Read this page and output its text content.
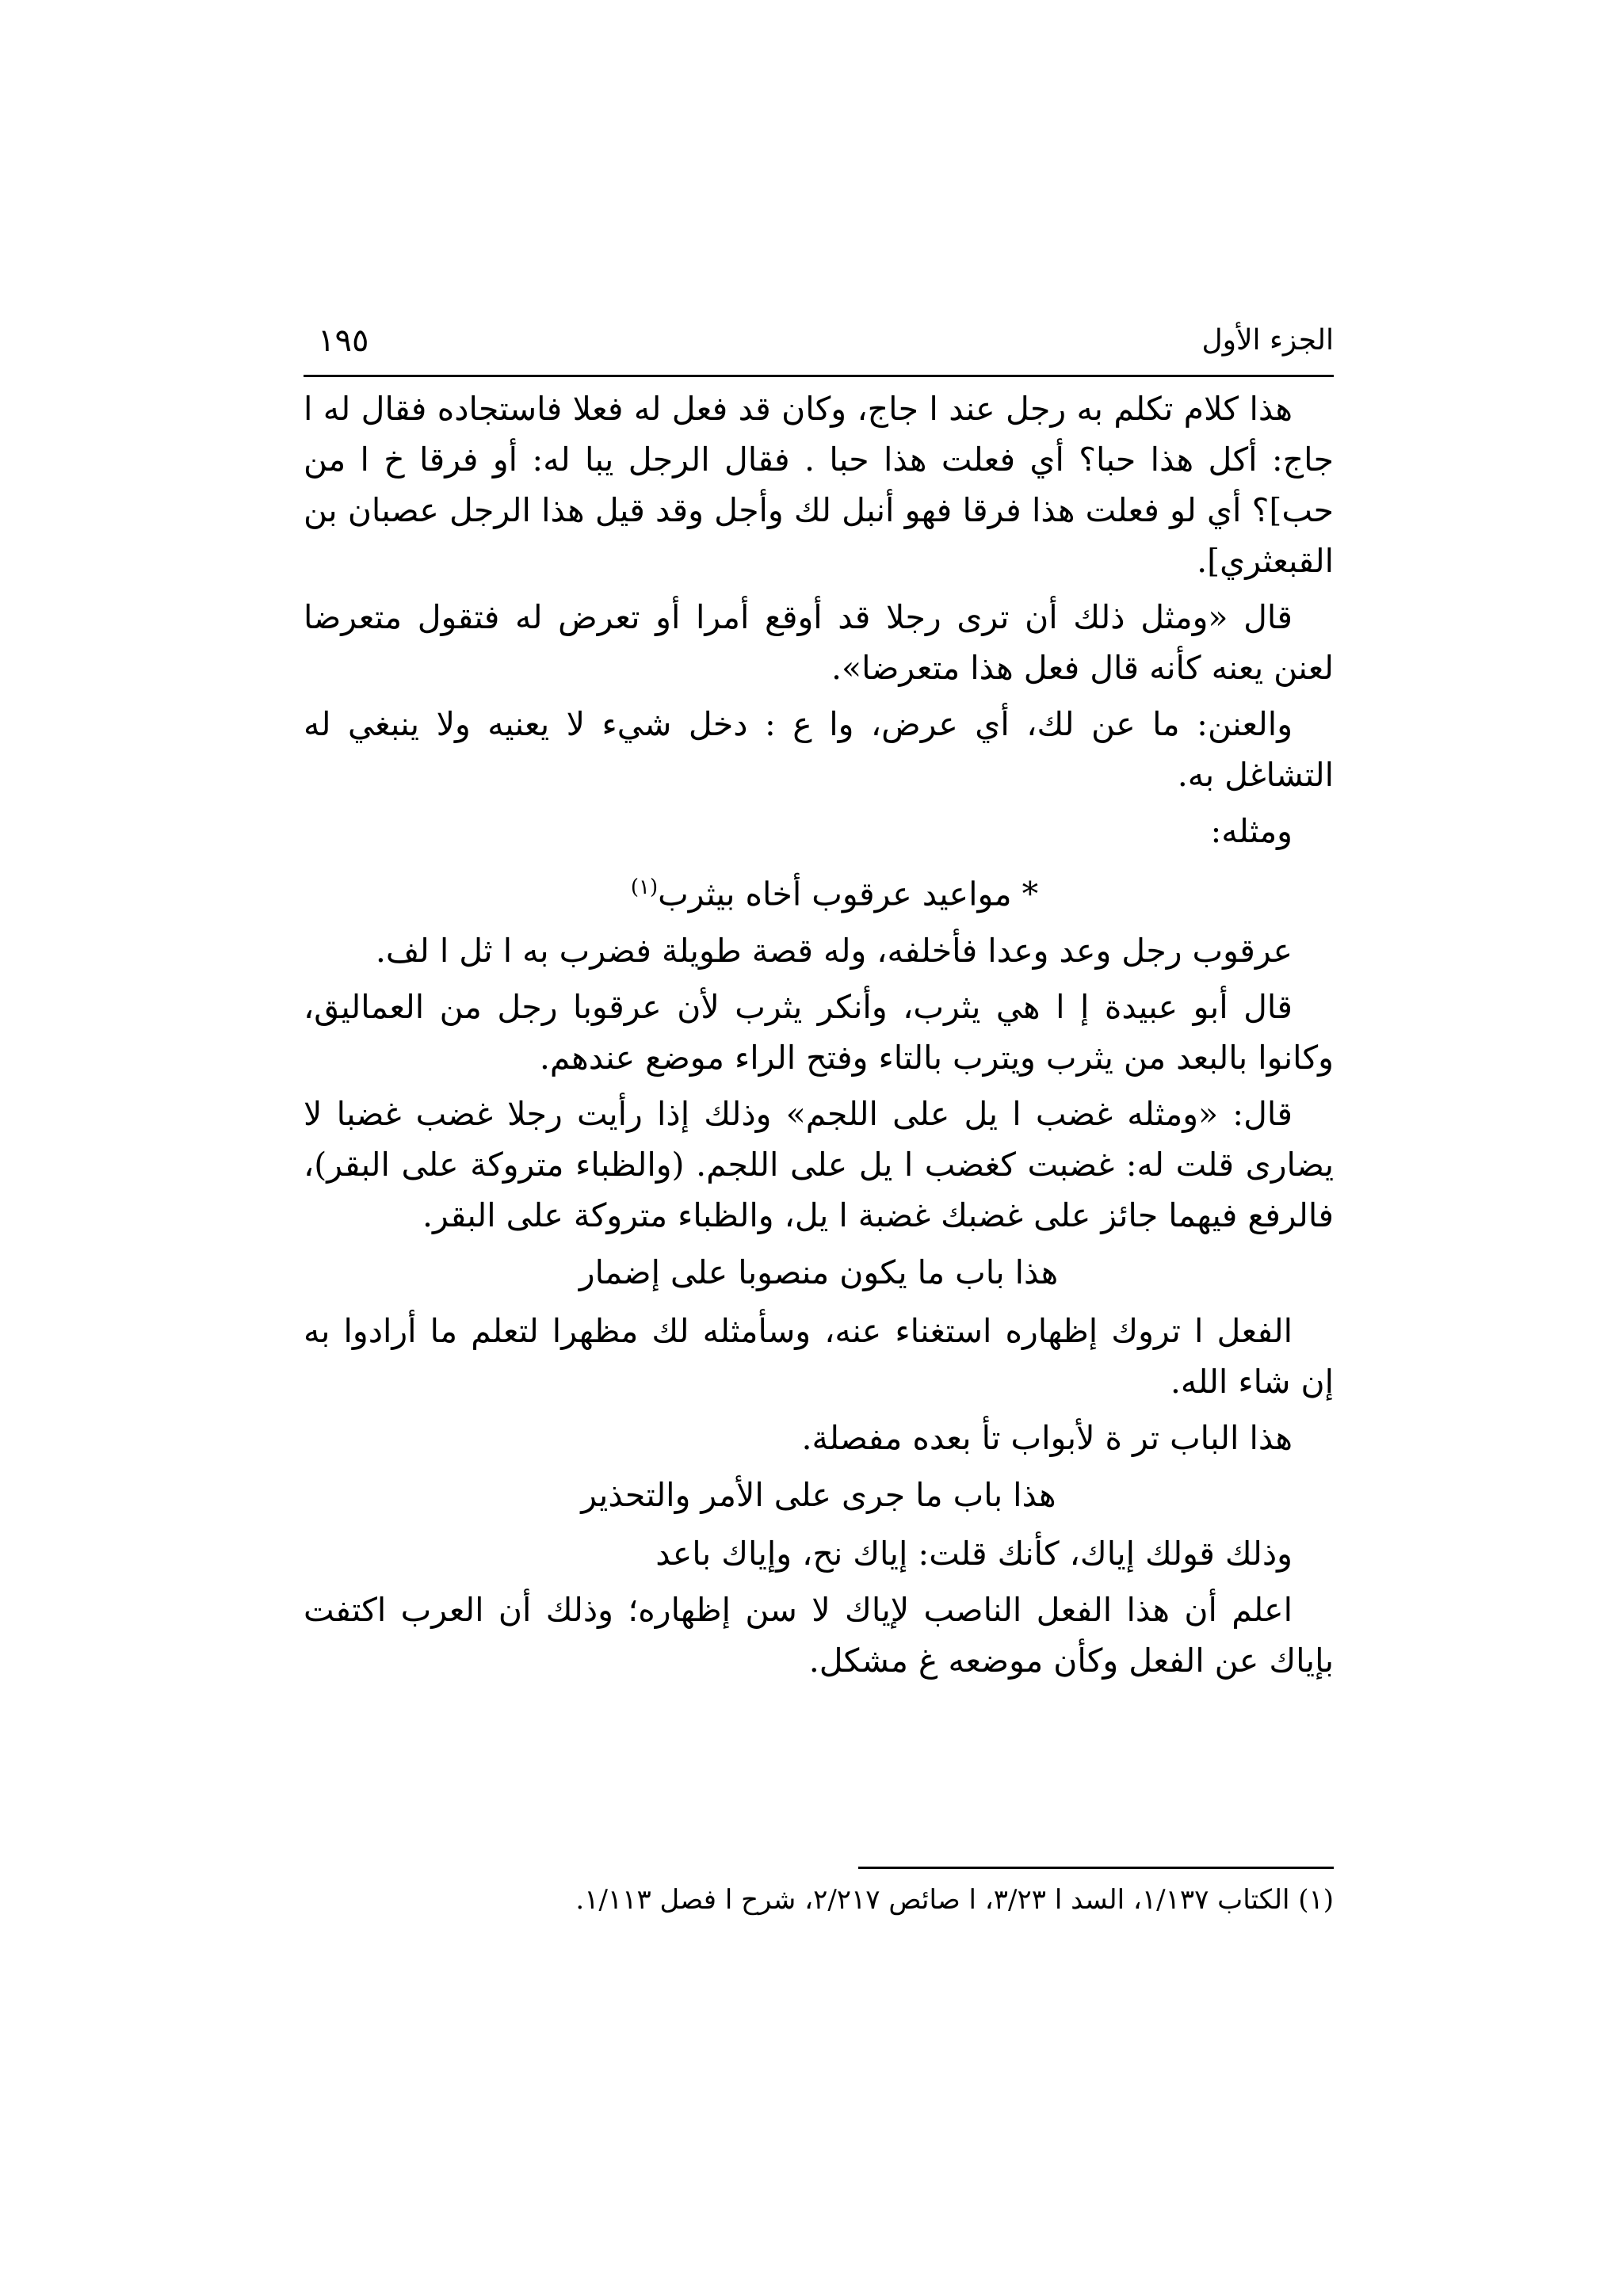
الجزء الأول
١٩٥

هذا كلام تكلم به رجل عند ا جاج، وكان قد فعل له فعلا فاستجاده فقال له ا جاج: أكل هذا حبا؟ أي فعلت هذا حبا . فقال الرجل يبا له: أو فرقا خ ا من حب]؟ أي لو فعلت هذا فرقا فهو أنبل لك وأجل وقد قيل هذا الرجل عصبان بن القبعثري].

قال «ومثل ذلك أن ترى رجلا قد أوقع أمرا أو تعرض له فتقول متعرضا لعنن يعنه كأنه قال فعل هذا متعرضا».

والعنن: ما عن لك، أي عرض، وا ع : دخل شيء لا يعنيه ولا ينبغي له التشاغل به.

ومثله:

* مواعيد عرقوب أخاه بيثرب$^{(١)}$

عرقوب رجل وعد وعدا فأخلفه، وله قصة طويلة فضرب به ا ثل ا لف.

قال أبو عبيدة إ ا هي يثرب، وأنكر يثرب لأن عرقوبا رجل من العماليق، وكانوا بالبعد من يثرب ويترب بالتاء وفتح الراء موضع عندهم.

قال: «ومثله غضب ا يل على اللجم» وذلك إذا رأيت رجلا غضب غضبا لا يضارى قلت له: غضبت كغضب ا يل على اللجم. (والظباء متروكة على البقر)، فالرفع فيهما جائز على غضبك غضبة ا يل، والظباء متروكة على البقر.

هذا باب ما يكون منصوبا على إضمار

الفعل ا تروك إظهاره استغناء عنه، وسأمثله لك مظهرا لتعلم ما أرادوا به إن شاء الله.

هذا الباب تر ة لأبواب تأ بعده مفصلة.

هذا باب ما جرى على الأمر والتحذير

وذلك قولك إياك، كأنك قلت: إياك نح، وإياك باعد

اعلم أن هذا الفعل الناصب لإياك لا سن إظهاره؛ وذلك أن العرب اكتفت بإياك عن الفعل وكأن موضعه غ مشكل.

(١) الكتاب ١/١٣٧، السد ا ٣/٢٣، ا صائص ٢/٢١٧، شرح ا فصل ١/١١٣.
